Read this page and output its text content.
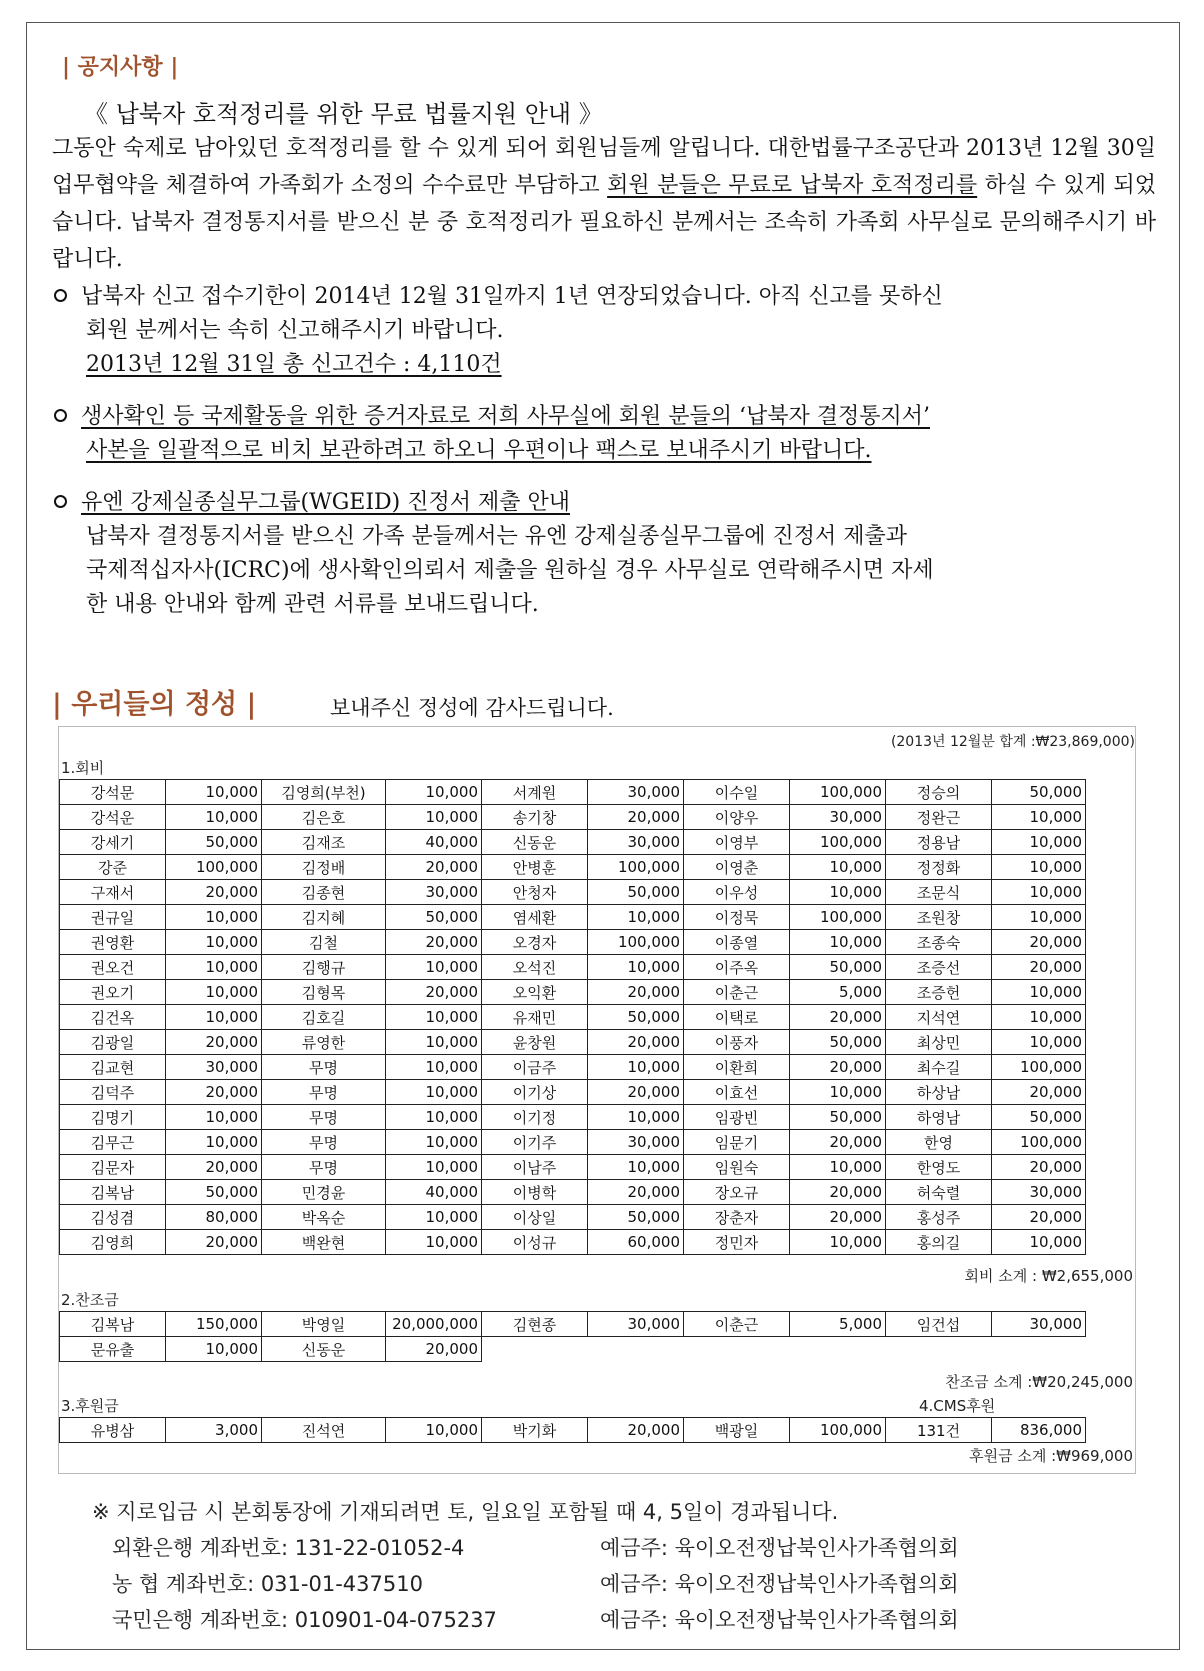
| 공지사항 |
《 납북자 호적정리를 위한 무료 법률지원 안내 》
그동안 숙제로 남아있던 호적정리를 할 수 있게 되어 회원님들께 알립니다. 대한법률구조공단과 2013년 12월 30일 업무협약을 체결하여 가족회가 소정의 수수료만 부담하고 회원 분들은 무료로 납북자 호적정리를 하실 수 있게 되었습니다. 납북자 결정통지서를 받으신 분 중 호적정리가 필요하신 분께서는 조속히 가족회 사무실로 문의해주시기 바랍니다.
납북자 신고 접수기한이 2014년 12월 31일까지 1년 연장되었습니다. 아직 신고를 못하신
회원 분께서는 속히 신고해주시기 바랍니다.
2013년 12월 31일 총 신고건수 : 4,110건
생사확인 등 국제활동을 위한 증거자료로 저희 사무실에 회원 분들의 ‘납북자 결정통지서’
사본을 일괄적으로 비치 보관하려고 하오니 우편이나 팩스로 보내주시기 바랍니다.
유엔 강제실종실무그룹(WGEID) 진정서 제출 안내
납북자 결정통지서를 받으신 가족 분들께서는 유엔 강제실종실무그룹에 진정서 제출과
국제적십자사(ICRC)에 생사확인의뢰서 제출을 원하실 경우 사무실로 연락해주시면 자세
한 내용 안내와 함께 관련 서류를 보내드립니다.
| 우리들의 정성 |	보내주신 정성에 감사드립니다.
(2013년 12월분 합계 :₩23,869,000)
1.회비
강석문	10,000	김영희(부천)	10,000	서계원	30,000	이수일	100,000	정승의	50,000
강석운	10,000	김은호	10,000	송기창	20,000	이양우	30,000	정완근	10,000
강세기	50,000	김재조	40,000	신동운	30,000	이영부	100,000	정용남	10,000
강준	100,000	김정배	20,000	안병훈	100,000	이영춘	10,000	정정화	10,000
구재서	20,000	김종현	30,000	안청자	50,000	이우성	10,000	조문식	10,000
권규일	10,000	김지혜	50,000	염세환	10,000	이정묵	100,000	조원창	10,000
권영환	10,000	김철	20,000	오경자	100,000	이종열	10,000	조종숙	20,000
권오건	10,000	김행규	10,000	오석진	10,000	이주옥	50,000	조증선	20,000
권오기	10,000	김형목	20,000	오익환	20,000	이춘근	5,000	조증헌	10,000
김건옥	10,000	김호길	10,000	유재민	50,000	이택로	20,000	지석연	10,000
김광일	20,000	류영한	10,000	윤창원	20,000	이풍자	50,000	최상민	10,000
김교현	30,000	무명	10,000	이금주	10,000	이환희	20,000	최수길	100,000
김덕주	20,000	무명	10,000	이기상	20,000	이효선	10,000	하상남	20,000
김명기	10,000	무명	10,000	이기정	10,000	임광빈	50,000	하영남	50,000
김무근	10,000	무명	10,000	이기주	30,000	임문기	20,000	한영	100,000
김문자	20,000	무명	10,000	이남주	10,000	임원숙	10,000	한영도	20,000
김복남	50,000	민경윤	40,000	이병학	20,000	장오규	20,000	허숙렬	30,000
김성겸	80,000	박옥순	10,000	이상일	50,000	장춘자	20,000	홍성주	20,000
김영희	20,000	백완현	10,000	이성규	60,000	정민자	10,000	홍의길	10,000
회비 소계 : ₩2,655,000
2.찬조금
김복남	150,000	박영일	20,000,000	김현종	30,000	이춘근	5,000	임건섭	30,000
문유출	10,000	신동운	20,000						
찬조금 소계 :₩20,245,000
3.후원금	4.CMS후원
유병삼	3,000	진석연	10,000	박기화	20,000	백광일	100,000	131건	836,000
후원금 소계 :₩969,000
※ 지로입금 시 본회통장에 기재되려면 토, 일요일 포함될 때 4, 5일이 경과됩니다.
외환은행 계좌번호: 131-22-01052-4	예금주: 육이오전쟁납북인사가족협의회
농 협 계좌번호: 031-01-437510	예금주: 육이오전쟁납북인사가족협의회
국민은행 계좌번호: 010901-04-075237	예금주: 육이오전쟁납북인사가족협의회
